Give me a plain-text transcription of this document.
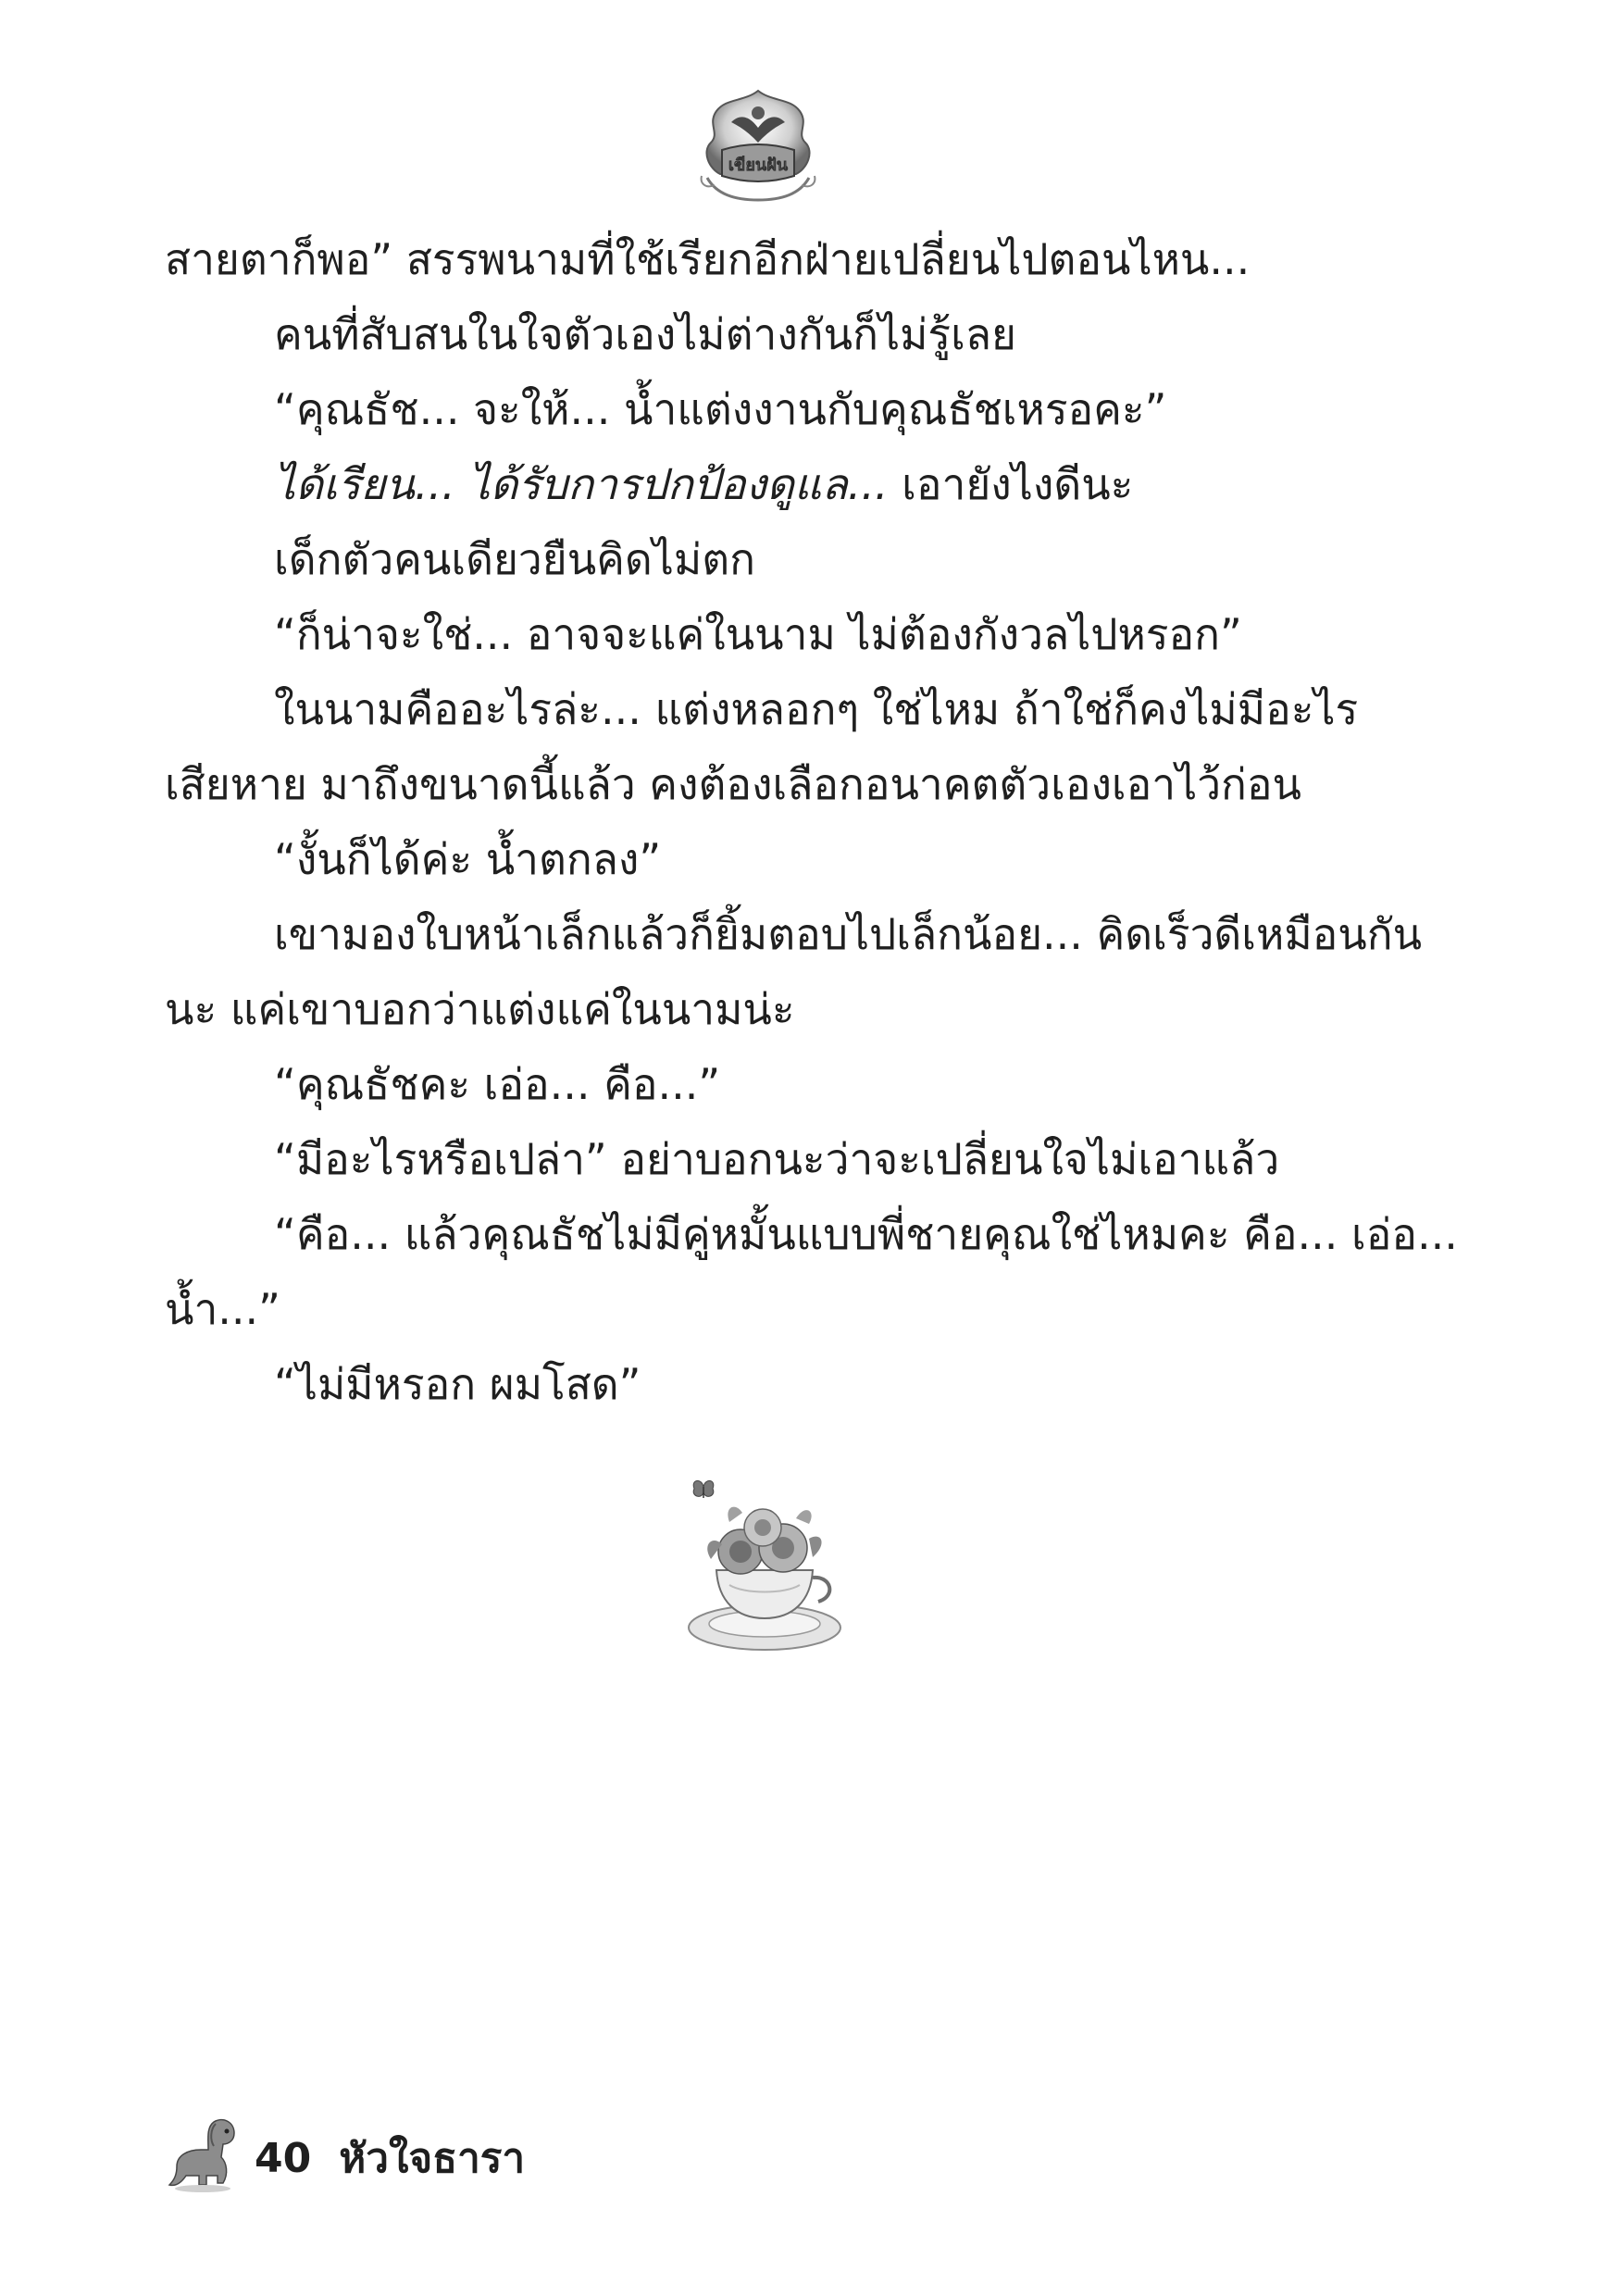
เขียนฝัน
สายตาก็พอ” สรรพนามที่ใช้เรียกอีกฝ่ายเปลี่ยนไปตอนไหน...
คนที่สับสนในใจตัวเองไม่ต่างกันก็ไม่รู้เลย
“คุณธัช... จะให้... น้ำแต่งงานกับคุณธัชเหรอคะ”
ได้เรียน... ได้รับการปกป้องดูแล... เอายังไงดีนะ
เด็กตัวคนเดียวยืนคิดไม่ตก
“ก็น่าจะใช่... อาจจะแค่ในนาม ไม่ต้องกังวลไปหรอก”
ในนามคืออะไรล่ะ... แต่งหลอกๆ ใช่ไหม ถ้าใช่ก็คงไม่มีอะไร
เสียหาย มาถึงขนาดนี้แล้ว คงต้องเลือกอนาคตตัวเองเอาไว้ก่อน
“งั้นก็ได้ค่ะ น้ำตกลง”
เขามองใบหน้าเล็กแล้วก็ยิ้มตอบไปเล็กน้อย... คิดเร็วดีเหมือนกัน
นะ แค่เขาบอกว่าแต่งแค่ในนามน่ะ
“คุณธัชคะ เอ่อ... คือ...”
“มีอะไรหรือเปล่า” อย่าบอกนะว่าจะเปลี่ยนใจไม่เอาแล้ว
“คือ... แล้วคุณธัชไม่มีคู่หมั้นแบบพี่ชายคุณใช่ไหมคะ คือ... เอ่อ...
น้ำ...”
“ไม่มีหรอก ผมโสด”
40 หัวใจธารา
